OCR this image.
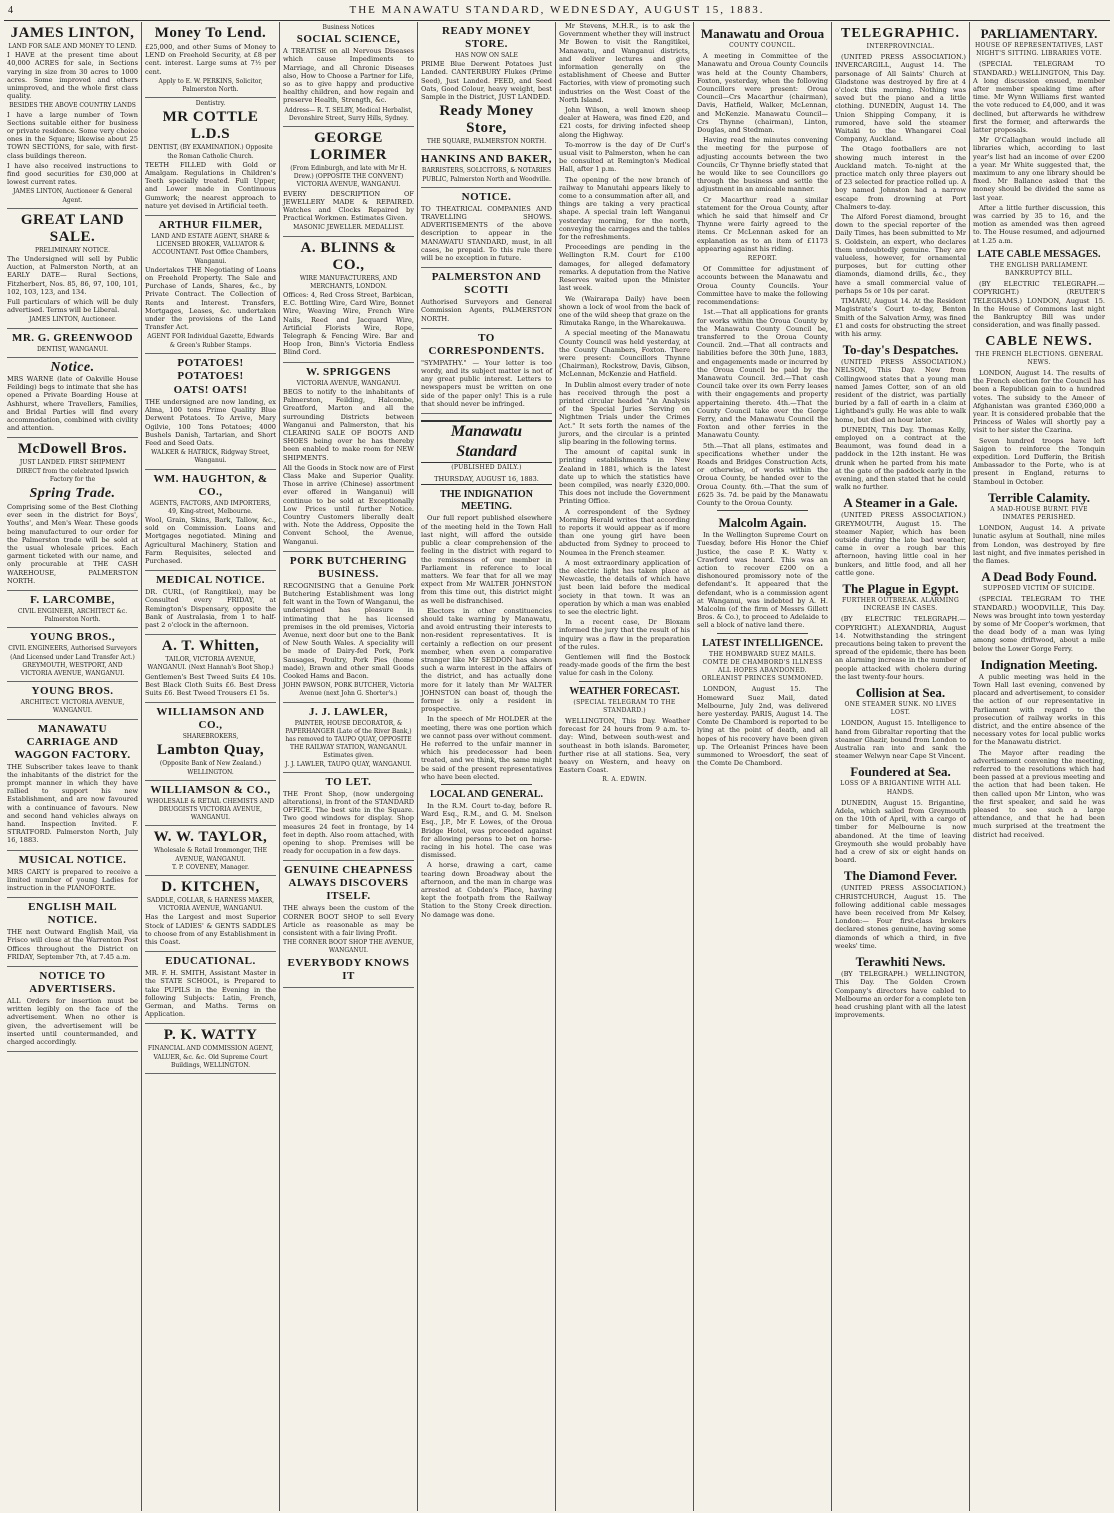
4	THE MANAWATU STANDARD, WEDNESDAY, AUGUST 15, 1883.
JAMES LINTON,
LAND FOR SALE AND MONEY TO LEND.

I HAVE at the present time about 40,000 ACRES for sale, in Sections varying in size from 30 acres to 1000 acres. Some improved and others unimproved, and the whole first class quality.

BESIDES THE ABOVE COUNTRY LANDS

I have a large number of Town Sections suitable either for business or private residence. Some very choice ones in the Square; likewise about 25 TOWN SECTIONS, for sale, with first-class buildings thereon.

I have also received instructions to find good securities for £30,000 at lowest current rates.

JAMES LINTON, Auctioneer & General Agent.
GREAT LAND SALE.
PRELIMINARY NOTICE.

The Undersigned will sell by Public Auction, at Palmerston North, at an EARLY DATE— Rural Sections, Fitzherbert, Nos. 85, 86, 97, 100, 101, 102, 103, 123, and 134.

Full particulars of which will be duly advertised. Terms will be Liberal.

JAMES LINTON, Auctioneer.
MR. G. GREENWOOD
DENTIST, WANGANUI.
Notice.

MRS WARNE (late of Oakville House Feilding) begs to intimate that she has opened a Private Boarding House at Ashhurst, where Travellers, Families, and Bridal Parties will find every accommodation, combined with civility and attention.

McDowell Bros.
JUST LANDED. FIRST SHIPMENT DIRECT from the celebrated Ipswich Factory for the
Spring Trade.

Comprising some of the Best Clothing ever seen in the district for Boys', Youths', and Men's Wear. These goods being manufactured to our order for the Palmerston trade will be sold at the usual wholesale prices. Each garment ticketed with our name, and only procurable at THE CASH WAREHOUSE, PALMERSTON NORTH.

F. LARCOMBE,
CIVIL ENGINEER, ARCHITECT &c. Palmerston North.
YOUNG BROS.,
CIVIL ENGINEERS, Authorised Surveyors (And Licensed under Land Transfer Act.) GREYMOUTH, WESTPORT, AND VICTORIA AVENUE, WANGANUI.
YOUNG BROS.
ARCHITECT. VICTORIA AVENUE, WANGANUI.
MANAWATU CARRIAGE AND WAGGON FACTORY.

THE Subscriber takes leave to thank the inhabitants of the district for the prompt manner in which they have rallied to support his new Establishment, and are now favoured with a continuance of favours. New and second hand vehicles always on hand. Inspection Invited. F. STRATFORD. Palmerston North, July 16, 1883.

MUSICAL NOTICE.

MRS CARTY is prepared to receive a limited number of young Ladies for instruction in the PIANOFORTE.

ENGLISH MAIL NOTICE.

THE next Outward English Mail, via Frisco will close at the Warrenton Post Offices throughout the District on FRIDAY, September 7th, at 7.45 a.m.

NOTICE TO ADVERTISERS.

ALL Orders for insertion must be written legibly on the face of the advertisement. When no other is given, the advertisement will be inserted until countermanded, and charged accordingly.

Money To Lend.

£25,000, and other Sums of Money to LEND on Freehold Security, at £8 per cent. interest. Large sums at 7½ per cent.

Apply to E. W. PERKINS, Solicitor, Palmerston North.
Dentistry.
MR COTTLE L.D.S
DENTIST, (BY EXAMINATION.) Opposite the Roman Catholic Church.

TEETH FILLED with Gold or Amalgam. Regulations in Children's Teeth specially treated. Full Upper, and Lower made in Continuous Gumwork; the nearest approach to nature yet devised in Artificial teeth.

ARTHUR FILMER,
LAND AND ESTATE AGENT, SHARE & LICENSED BROKER, VALUATOR & ACCOUNTANT. Post Office Chambers, Wanganui.

Undertakes THE Negotiating of Loans on Freehold Property. The Sale and Purchase of Lands, Shares, &c., by Private Contract. The Collection of Rents and Interest. Transfers, Mortgages, Leases, &c. undertaken under the provisions of the Land Transfer Act.

AGENT FOR Individual Gazette, Edwards & Green's Rubber Stamps.
POTATOES! POTATOES!
OATS! OATS!

THE undersigned are now landing, ex Alma, 100 tons Prime Quality Blue Derwent Potatoes. To Arrive, Mary Ogilvie, 100 Tons Potatoes; 4000 Bushels Danish, Tartarian, and Short Feed and Seed Oats.

WALKER & HATRICK, Ridgway Street, Wanganui.
WM. HAUGHTON, & CO.,
AGENTS, FACTORS, AND IMPORTERS, 49, King-street, Melbourne.

Wool, Grain, Skins, Bark, Tallow, &c., sold on Commission. Loans and Mortgages negotiated. Mining and Agricultural Machinery, Station and Farm Requisites, selected and Purchased.

MEDICAL NOTICE.

DR. CURL, (of Rangitikei), may be Consulted every FRIDAY, at Remington's Dispensary, opposite the Bank of Australasia, from 1 to half-past 2 o'clock in the afternoon.

A. T. Whitten,
TAILOR, VICTORIA AVENUE, WANGANUI. (Next Hannah's Boot Shop.)

Gentlemen's Best Tweed Suits £4 10s. Best Black Cloth Suits £6. Best Dress Suits £6. Best Tweed Trousers £1 5s.

WILLIAMSON AND CO.,
SHAREBROKERS,
Lambton Quay,
(Opposite Bank of New Zealand.) WELLINGTON.
WILLIAMSON & CO.,
WHOLESALE & RETAIL CHEMISTS AND DRUGGISTS VICTORIA AVENUE, WANGANUI.
W. W. TAYLOR,
Wholesale & Retail Ironmonger, THE AVENUE, WANGANUI.
T. P. COVENEY, Manager.
D. KITCHEN,
SADDLE, COLLAR, & HARNESS MAKER, VICTORIA AVENUE, WANGANUI.

Has the Largest and most Superior Stock of LADIES' & GENTS SADDLES to choose from of any Establishment in this Coast.

EDUCATIONAL.

MR. F. H. SMITH, Assistant Master in the STATE SCHOOL, is Prepared to take PUPILS in the Evening in the following Subjects: Latin, French, German, and Maths. Terms on Application.

P. K. WATTY
FINANCIAL AND COMMISSION AGENT, VALUER, &c. &c. Old Supreme Court Buildings, WELLINGTON.
Business Notices
SOCIAL SCIENCE,

A TREATISE on all Nervous Diseases which cause Impediments to Marriage, and all Chronic Diseases also, How to Choose a Partner for Life, so as to give happy and productive healthy children, and how regain and preserve Health, Strength, &c.

Address— R. T. SELBY, Medical Herbalist, Devonshire Street, Surry Hills, Sydney.
GEORGE LORIMER
(From Edinburgh, and late with Mr H. Drew.) (OPPOSITE THE CONVENT) VICTORIA AVENUE, WANGANUI.

EVERY DESCRIPTION OF JEWELLERY MADE & REPAIRED. Watches and Clocks Repaired by Practical Workmen. Estimates Given.

MASONIC JEWELLER. MEDALLIST.
A. BLINNS & CO.,
WIRE MANUFACTURERS, AND MERCHANTS, LONDON.

Offices: 4, Red Cross Street, Barbican, E.C. Bottling Wire, Card Wire, Bonnet Wire, Weaving Wire, French Wire Nails, Reed and Jacquard Wire, Artificial Florists Wire, Rope, Telegraph & Fencing Wire. Bar and Hoop Iron, Binn's Victoria Endless Blind Cord.

W. SPRIGGENS
VICTORIA AVENUE, WANGANUI.

BEGS to notify to the inhabitants of Palmerston, Feilding, Halcombe, Greatford, Marton and all the surrounding Districts between Wanganui and Palmerston, that his CLEARING SALE OF BOOTS AND SHOES being over he has thereby been enabled to make room for NEW SHIPMENTS.

All the Goods in Stock now are of First Class Make and Superior Quality. Those in arrive (Chinese) assortment ever offered in Wanganui) will continue to be sold at Exceptionally Low Prices until further Notice. Country Customers liberally dealt with. Note the Address, Opposite the Convent School, the Avenue, Wanganui.

PORK BUTCHERING BUSINESS.

RECOGNISING that a Genuine Pork Butchering Establishment was long felt want in the Town of Wanganui, the undersigned has pleasure in intimating that he has licensed premises in the old premises, Victoria Avenue, next door but one to the Bank of New South Wales. A speciality will be made of Dairy-fed Pork, Pork Sausages, Poultry, Pork Pies (home made), Brawn and other small Goods Cooked Hams and Bacon.

JOHN PAWSON, PORK BUTCHER, Victoria Avenue (next John G. Shorter's.)
J. J. LAWLER,
PAINTER, HOUSE DECORATOR, & PAPERHANGER (Late of the River Bank,) has removed to TAUPO QUAY, OPPOSITE THE RAILWAY STATION, WANGANUI. Estimates given.
J. J. LAWLER, TAUPO QUAY, WANGANUI.
TO LET.

THE Front Shop, (now undergoing alterations), in front of the STANDARD OFFICE. The best site in the Square. Two good windows for display. Shop measures 24 feet in frontage, by 14 feet in depth. Also room attached, with opening to shop. Premises will be ready for occupation in a few days.

GENUINE CHEAPNESS ALWAYS DISCOVERS ITSELF.

THE always been the custom of the CORNER BOOT SHOP to sell Every Article as reasonable as may be consistent with a fair living Profit.

THE CORNER BOOT SHOP THE AVENUE, WANGANUI.
EVERYBODY KNOWS IT
READY MONEY STORE.
HAS NOW ON SALE

PRIME Blue Derwent Potatoes Just Landed. CANTERBURY Flukes (Prime Seed), Just Landed. FEED, and Seed Oats, Good Colour, heavy weight, best Sample in the District, JUST LANDED.

Ready Money Store,
THE SQUARE, PALMERSTON NORTH.
HANKINS AND BAKER,
BARRISTERS, SOLICITORS, & NOTARIES PUBLIC, Palmerston North and Woodville.
NOTICE.

TO THEATRICAL COMPANIES AND TRAVELLING SHOWS. ADVERTISEMENTS of the above description to appear in the MANAWATU STANDARD, must, in all cases, be prepaid. To this rule there will be no exception in future.

PALMERSTON AND SCOTTI

Authorised Surveyors and General Commission Agents, PALMERSTON NORTH.

TO CORRESPONDENTS.

"SYMPATHY." — Your letter is too wordy, and its subject matter is not of any great public interest. Letters to newspapers must be written on one side of the paper only! This is a rule that should never be infringed.

Manawatu Standard
(PUBLISHED DAILY.)
THURSDAY, AUGUST 16, 1883.
THE INDIGNATION MEETING.

Our full report published elsewhere of the meeting held in the Town Hall last night, will afford the outside public a clear comprehension of the feeling in the district with regard to the remissness of our member in Parliament in reference to local matters. We fear that for all we may expect from Mr WALTER JOHNSTON from this time out, this district might as well be disfranchised.

Electors in other constituencies should take warning by Manawatu, and avoid entrusting their interests to non-resident representatives. It is certainly a reflection on our present member, when even a comparative stranger like Mr SEDDON has shown such a warm interest in the affairs of the district, and has actually done more for it lately than Mr WALTER JOHNSTON can boast of, though the former is only a resident in prospective.

In the speech of Mr HOLDER at the meeting, there was one portion which we cannot pass over without comment. He referred to the unfair manner in which his predecessor had been treated, and we think, the same might be said of the present representatives who have been elected.

LOCAL AND GENERAL.

In the R.M. Court to-day, before R. Ward Esq., R.M., and G. M. Snelson Esq., J.P., Mr F. Lowes, of the Oroua Bridge Hotel, was proceeded against for allowing persons to bet on horse-racing in his hotel. The case was dismissed.

A horse, drawing a cart, came tearing down Broadway about the afternoon, and the man in charge was arrested at Cobden's Place, having kept the footpath from the Railway Station to the Stony Creek direction. No damage was done.

Mr Stevens, M.H.R., is to ask the Government whether they will instruct Mr Bowen to visit the Rangitikei, Manawatu, and Wanganui districts, and deliver lectures and give information generally on the establishment of Cheese and Butter Factories, with view of promoting such industries on the West Coast of the North Island.

John Wilson, a well known sheep dealer at Hawera, was fined £20, and £21 costs, for driving infected sheep along the Highway.

To-morrow is the day of Dr Curl's usual visit to Palmerston, when he can be consulted at Remington's Medical Hall, after 1 p.m.

The opening of the new branch of railway to Manutahi appears likely to come to a consummation after all, and things are taking a very practical shape. A special train left Wanganui yesterday morning, for the north, conveying the carriages and the tables for the refreshments.

Proceedings are pending in the Wellington R.M. Court for £100 damages, for alleged defamatory remarks. A deputation from the Native Reserves waited upon the Minister last week.

We (Wairarapa Daily) have been shown a lock of wool from the back of one of the wild sheep that graze on the Rimutaka Range, in the Wharekauwa.

A special meeting of the Manawatu County Council was held yesterday, at the County Chambers, Foxton. There were present: Councillors Thynne (Chairman), Rockstrow, Davis, Gibson, McLennan, McKenzie and Hatfield.

In Dublin almost every trader of note has received through the post a printed circular headed "An Analysis of the Special Juries Serving on Nightmen Trials under the Crimes Act." It sets forth the names of the jurors, and the circular is a printed slip bearing in the following terms.

The amount of capital sunk in printing establishments in New Zealand in 1881, which is the latest date up to which the statistics have been compiled, was nearly £320,000. This does not include the Government Printing Office.

A correspondent of the Sydney Morning Herald writes that according to reports it would appear as if more than one young girl have been abducted from Sydney to proceed to Noumea in the French steamer.

A most extraordinary application of the electric light has taken place at Newcastle, the details of which have just been laid before the medical society in that town. It was an operation by which a man was enabled to see the electric light.

In a recent case, Dr Bloxam informed the jury that the result of his inquiry was a flaw in the preparation of the rules.

Gentlemen will find the Bostock ready-made goods of the firm the best value for cash in the Colony.

WEATHER FORECAST.
(SPECIAL TELEGRAM TO THE STANDARD.)

WELLINGTON, This Day. Weather forecast for 24 hours from 9 a.m. to-day: Wind, between south-west and southeast in both islands. Barometer, further rise at all stations. Sea, very heavy on Western, and heavy on Eastern Coast.

R. A. EDWIN.
Manawatu and Oroua
COUNTY COUNCIL.

A meeting in Committee of the Manawatu and Oroua County Councils was held at the County Chambers, Foxton, yesterday, when the following Councillors were present: Oroua Council—Crs Macarthur (chairman), Davis, Hatfield, Walker, McLennan, and McKenzie. Manawatu Council—Crs Thynne (chairman), Linton, Douglas, and Stedman.

Having read the minutes convening the meeting for the purpose of adjusting accounts between the two Councils, Cr Thynne briefly stated that he would like to see Councillors go through the business and settle the adjustment in an amicable manner.

Cr Macarthur read a similar statement for the Oroua County, after which he said that himself and Cr Thynne were fairly agreed to the items. Cr McLennan asked for an explanation as to an item of £1173 appearing against his riding.

REPORT.

Of Committee for adjustment of accounts between the Manawatu and Oroua County Councils. Your Committee have to make the following recommendations:

1st.—That all applications for grants for works within the Oroua County by the Manawatu County Council be, transferred to the Oroua County Council. 2nd.—That all contracts and liabilities before the 30th June, 1883, and engagements made or incurred by the Oroua Council be paid by the Manawatu Council. 3rd.—That cash Council take over its own Ferry leases with their engagements and property appertaining thereto. 4th.—That the County Council take over the Gorge Ferry, and the Manawatu Council the Foxton and other ferries in the Manawatu County.

5th.—That all plans, estimates and specifications whether under the Roads and Bridges Construction Acts, or otherwise, of works within the Oroua County, be handed over to the Oroua County. 6th.—That the sum of £625 3s. 7d. be paid by the Manawatu County to the Oroua County.

Malcolm Again.

In the Wellington Supreme Court on Tuesday, before His Honor the Chief Justice, the case P. K. Watty v. Crawford was heard. This was an action to recover £200 on a dishonoured promissory note of the defendant's. It appeared that the defendant, who is a commission agent at Wanganui, was indebted by A. H. Malcolm (of the firm of Messrs Gillett Bros. & Co.), to proceed to Adelaide to sell a block of native land there.

LATEST INTELLIGENCE.
THE HOMBWARD SUEZ MAILS. COMTE DE CHAMBORD'S ILLNESS ALL HOPES ABANDONED. ORLEANIST PRINCES SUMMONED.

LONDON, August 15. The Homeward Suez Mail, dated Melbourne, July 2nd, was delivered here yesterday. PARIS, August 14. The Comte De Chambord is reported to be lying at the point of death, and all hopes of his recovery have been given up. The Orleanist Princes have been summoned to Wroesdorf, the seat of the Comte De Chambord.

TELEGRAPHIC.
INTERPROVINCIAL.

(UNITED PRESS ASSOCIATION.) INVERCARGILL, August 14. The parsonage of All Saints' Church at Gladstone was destroyed by fire at 4 o'clock this morning. Nothing was saved but the piano and a little clothing. DUNEDIN, August 14. The Union Shipping Company, it is rumored, have sold the steamer Waitaki to the Whangarei Coal Company, Auckland.

The Otago footballers are not showing much interest in the Auckland match. To-night at the practice match only three players out of 23 selected for practice rolled up. A boy named Johnston had a narrow escape from drowning at Port Chalmers to-day.

The Alford Forest diamond, brought down to the special reporter of the Daily Times, has been submitted to Mr S. Goldstein, an expert, who declares them undoubtedly genuine. They are valueless, however, for ornamental purposes, but for cutting other diamonds, diamond drills, &c., they have a small commercial value of perhaps 5s or 10s per carat.

TIMARU, August 14. At the Resident Magistrate's Court to-day, Benton Smith of the Salvation Army, was fined £1 and costs for obstructing the street with his army.

To-day's Despatches.

(UNITED PRESS ASSOCIATION.) NELSON, This Day. New from Collingwood states that a young man named James Cotter, son of an old resident of the district, was partially buried by a fall of earth in a claim at Lightband's gully. He was able to walk home, but died an hour later.

DUNEDIN, This Day. Thomas Kelly, employed on a contract at the Beaumont, was found dead in a paddock in the 12th instant. He was drunk when he parted from his mate at the gate of the paddock early in the evening, and then stated that he could walk no further.

A Steamer in a Gale.

(UNITED PRESS ASSOCIATION.) GREYMOUTH, August 15. The steamer Napier, which has been outside during the late bad weather, came in over a rough bar this afternoon, having little coal in her bunkers, and little food, and all her cattle gone.

The Plague in Egypt.
FURTHER OUTBREAK. ALARMING INCREASE IN CASES.

(BY ELECTRIC TELEGRAPH.—COPYRIGHT.) ALEXANDRIA, August 14. Notwithstanding the stringent precautions being taken to prevent the spread of the epidemic, there has been an alarming increase in the number of people attacked with cholera during the last twenty-four hours.

Collision at Sea.
ONE STEAMER SUNK. NO LIVES LOST.

LONDON, August 15. Intelligence to hand from Gibraltar reporting that the steamer Ghazir, bound from London to Australia ran into and sank the steamer Welwyn near Cape St Vincent.

Foundered at Sea.
LOSS OF A BRIGANTINE WITH ALL HANDS.

DUNEDIN, August 15. Brigantine, Adela, which sailed from Greymouth on the 10th of April, with a cargo of timber for Melbourne is now abandoned. At the time of leaving Greymouth she would probably have had a crew of six or eight hands on board.

The Diamond Fever.

(UNITED PRESS ASSOCIATION.) CHRISTCHURCH, August 15. The following additional cable messages have been received from Mr Kelsey, London:— Four first-class brokers declared stones genuine, having some diamonds of which a third, in five weeks' time.

Terawhiti News.

(BY TELEGRAPH.) WELLINGTON, This Day. The Golden Crown Company's directors have cabled to Melbourne an order for a complete ten head crushing plant with all the latest improvements.

PARLIAMENTARY.
HOUSE OF REPRESENTATIVES, LAST NIGHT'S SITTING. LIBRARIES VOTE.

(SPECIAL TELEGRAM TO STANDARD.) WELLINGTON, This Day. A long discussion ensued, member after member speaking time after time. Mr Wynn Williams first wanted the vote reduced to £4,000, and it was declined, but afterwards he withdrew first the former, and afterwards the latter proposals.

Mr O'Callaghan would include all libraries which, according to last year's list had an income of over £200 a year. Mr White suggested that, the maximum to any one library should be fixed. Mr Ballance asked that the money should be divided the same as last year.

After a little further discussion, this was carried by 35 to 16, and the motion as amended was then agreed to. The House resumed, and adjourned at 1.25 a.m.

LATE CABLE MESSAGES.
THE ENGLISH PARLIAMENT. BANKRUPTCY BILL.

(BY ELECTRIC TELEGRAPH.—COPYRIGHT.) (REUTER'S TELEGRAMS.) LONDON, August 15. In the House of Commons last night the Bankruptcy Bill was under consideration, and was finally passed.

CABLE NEWS.
THE FRENCH ELECTIONS. GENERAL NEWS.

LONDON, August 14. The results of the French election for the Council has been a Republican gain to a hundred votes. The subsidy to the Ameer of Afghanistan was granted £360,000 a year. It is considered probable that the Princess of Wales will shortly pay a visit to her sister the Czarina.

Seven hundred troops have left Saigon to reinforce the Tonquin expedition. Lord Dufferin, the British Ambassador to the Porte, who is at present in England, returns to Stamboul in October.

Terrible Calamity.
A MAD-HOUSE BURNT. FIVE INMATES PERISHED.

LONDON, August 14. A private lunatic asylum at Southall, nine miles from London, was destroyed by fire last night, and five inmates perished in the flames.

A Dead Body Found.
SUPPOSED VICTIM OF SUICIDE.

(SPECIAL TELEGRAM TO THE STANDARD.) WOODVILLE, This Day. News was brought into town yesterday by some of Mr Cooper's workmen, that the dead body of a man was lying among some driftwood, about a mile below the Lower Gorge Ferry.

Indignation Meeting.

A public meeting was held in the Town Hall last evening, convened by placard and advertisement, to consider the action of our representative in Parliament with regard to the prosecution of railway works in this district, and the entire absence of the necessary votes for local public works for the Manawatu district.

The Mayor after reading the advertisement convening the meeting, referred to the resolutions which had been passed at a previous meeting and the action that had been taken. He then called upon Mr Linton, who was the first speaker, and said he was pleased to see such a large attendance, and that he had been much surprised at the treatment the district had received.
